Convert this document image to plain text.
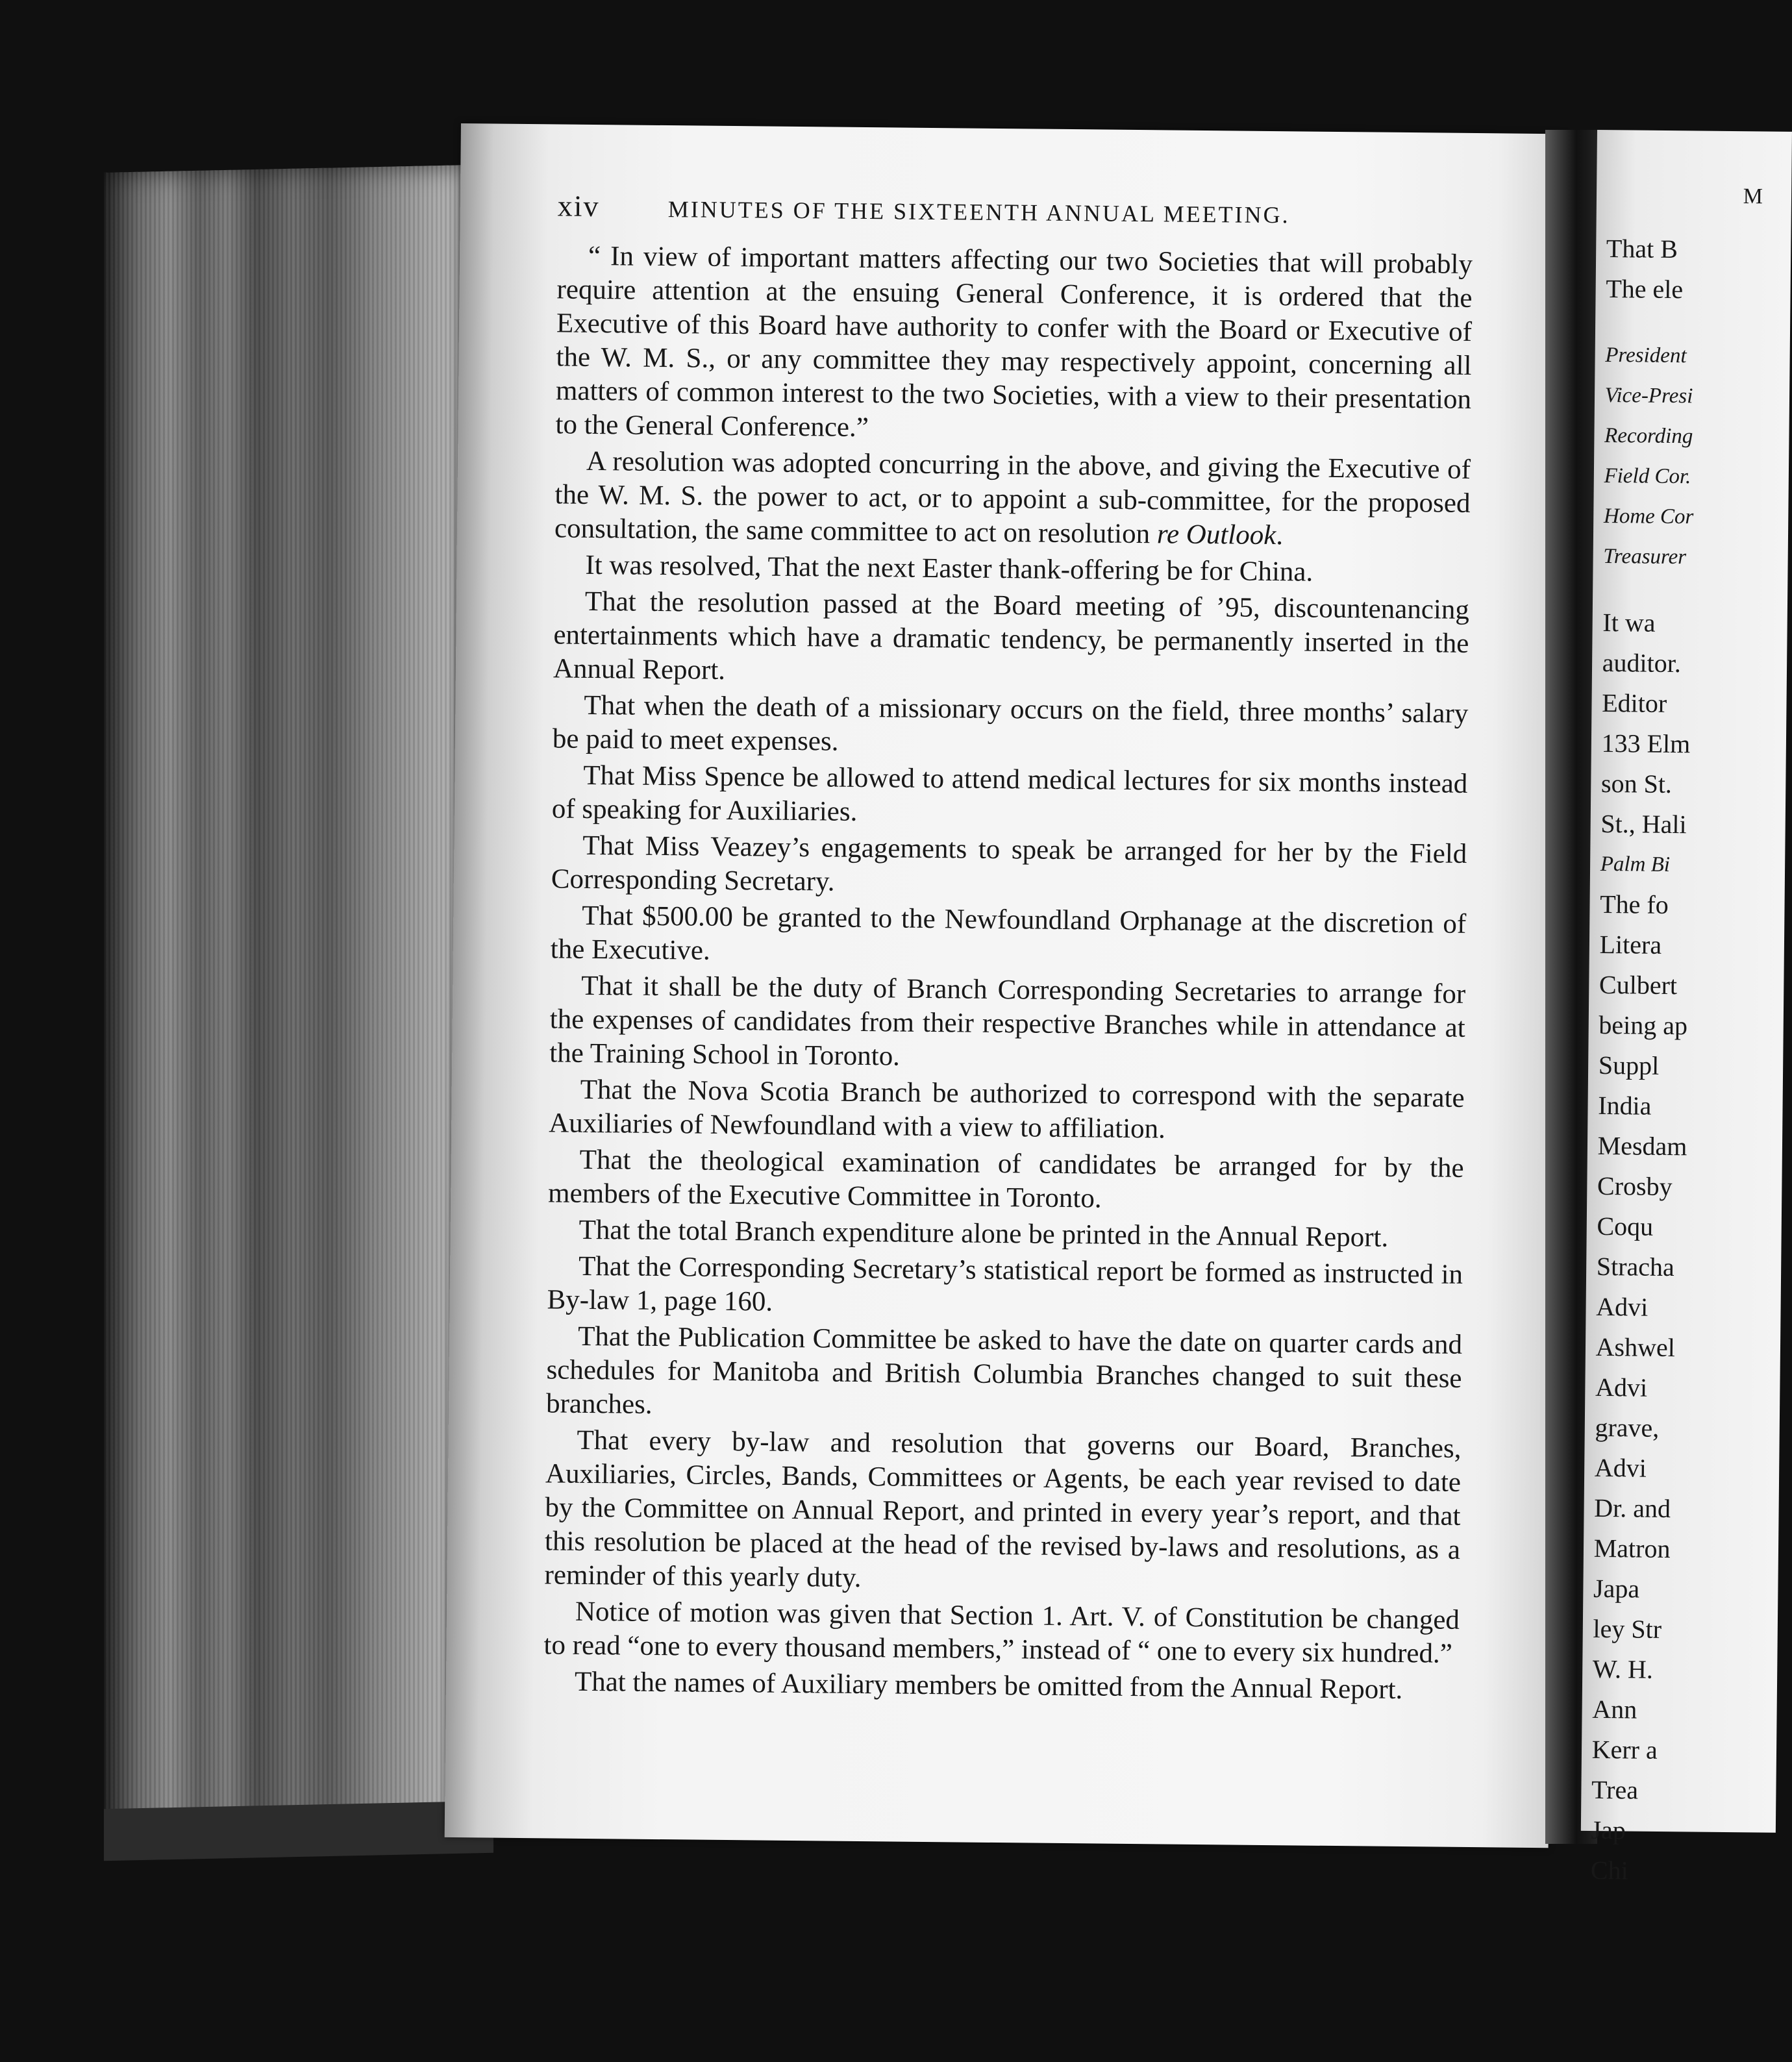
xiv	MINUTES OF THE SIXTEENTH ANNUAL MEETING.

“ In view of important matters affecting our two Societies that will probably require attention at the ensuing General Conference, it is ordered that the Executive of this Board have authority to confer with the Board or Executive of the W. M. S., or any committee they may respectively appoint, concerning all matters of common interest to the two Societies, with a view to their presentation to the General Conference.”

A resolution was adopted concurring in the above, and giving the Executive of the W. M. S. the power to act, or to appoint a sub-committee, for the proposed consultation, the same committee to act on resolution re Outlook.

It was resolved, That the next Easter thank-offering be for China.

That the resolution passed at the Board meeting of ’95, discountenancing entertainments which have a dramatic tendency, be permanently inserted in the Annual Report.

That when the death of a missionary occurs on the field, three months’ salary be paid to meet expenses.

That Miss Spence be allowed to attend medical lectures for six months instead of speaking for Auxiliaries.

That Miss Veazey’s engagements to speak be arranged for her by the Field Corresponding Secretary.

That $500.00 be granted to the Newfoundland Orphanage at the discretion of the Executive.

That it shall be the duty of Branch Corresponding Secretaries to arrange for the expenses of candidates from their respective Branches while in attendance at the Training School in Toronto.

That the Nova Scotia Branch be authorized to correspond with the separate Auxiliaries of Newfoundland with a view to affiliation.

That the theological examination of candidates be arranged for by the members of the Executive Committee in Toronto.

That the total Branch expenditure alone be printed in the Annual Report.

That the Corresponding Secretary’s statistical report be formed as instructed in By-law 1, page 160.

That the Publication Committee be asked to have the date on quarter cards and schedules for Manitoba and British Columbia Branches changed to suit these branches.

That every by-law and resolution that governs our Board, Branches, Auxiliaries, Circles, Bands, Committees or Agents, be each year revised to date by the Committee on Annual Report, and printed in every year’s report, and that this resolution be placed at the head of the revised by-laws and resolutions, as a reminder of this yearly duty.

Notice of motion was given that Section 1. Art. V. of Constitution be changed to read “one to every thousand members,” instead of “ one to every six hundred.”

That the names of Auxiliary members be omitted from the Annual Report.

M
That B
The ele
President
Vice-Presi
Recording
Field Cor.
Home Cor
Treasurer
It wa
auditor.
Editor
133 Elm
son St.
St., Hali
Palm Bi
The fo
Litera
Culbert
being ap
Suppl
India
Mesdam
Crosby
Coqu
Stracha
Advi
Ashwel
Advi
grave,
Advi
Dr. and
Matron
Japa
ley Str
W. H.
Ann
Kerr a
Trea
Jap
Chi
